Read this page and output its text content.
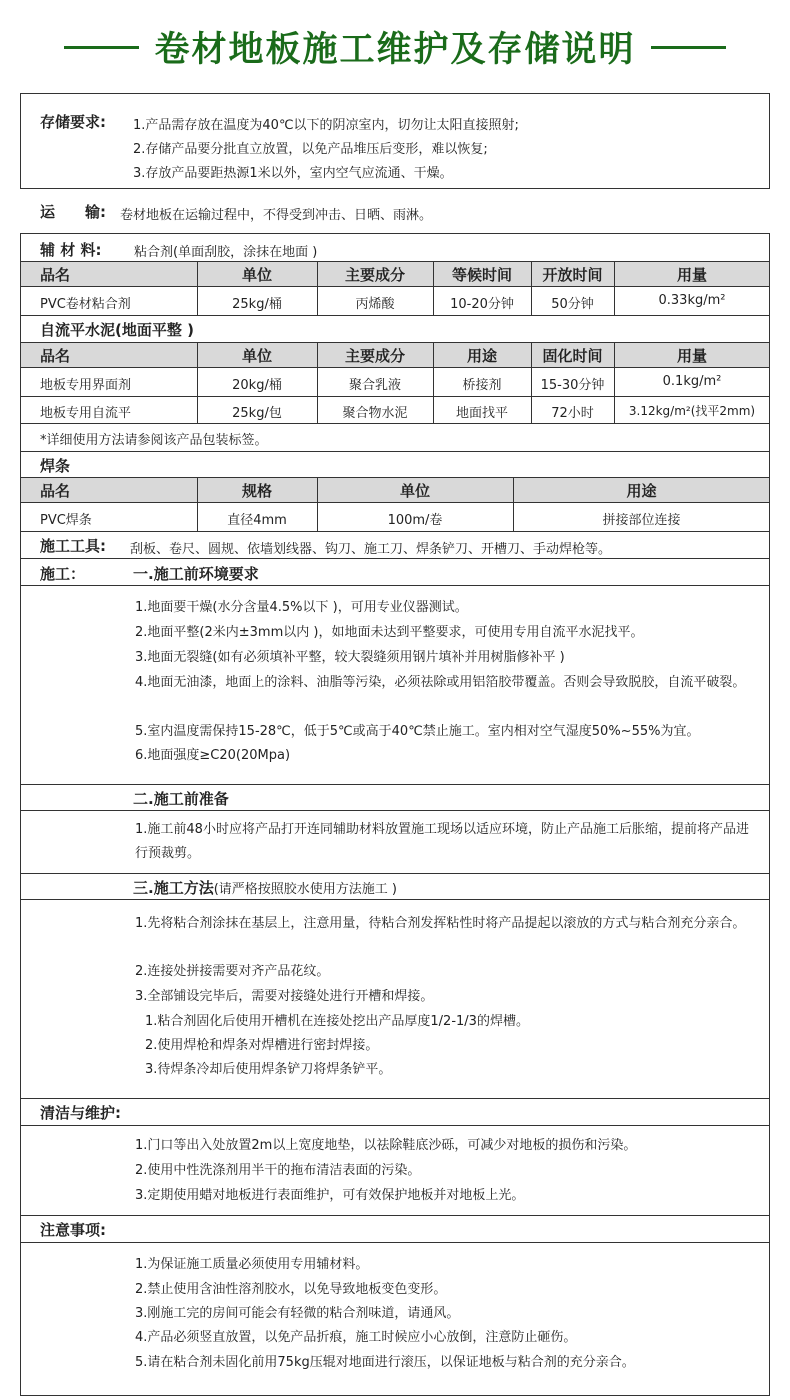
卷材地板施工维护及存储说明
存储要求: 1.产品需存放在温度为40℃以下的阴凉室内，切勿让太阳直接照射;
2.存储产品要分批直立放置，以免产品堆压后变形，难以恢复;
3.存放产品要距热源1米以外，室内空气应流通、干燥。
运　　输: 卷材地板在运输过程中，不得受到冲击、日晒、雨淋。
辅 材 料:	粘合剂(单面刮胶，涂抹在地面 )
品名	单位	主要成分	等候时间	开放时间	用量
PVC卷材粘合剂	25kg/桶	丙烯酸	10-20分钟	50分钟	0.33kg/m²
自流平水泥(地面平整 )
品名	单位	主要成分	用途	固化时间	用量
地板专用界面剂	20kg/桶	聚合乳液	桥接剂	15-30分钟	0.1kg/m²
地板专用自流平	25kg/包	聚合物水泥	地面找平	72小时	3.12kg/m²(找平2mm)
*详细使用方法请参阅该产品包装标签。
焊条
品名	规格	单位	用途
PVC焊条	直径4mm	100m/卷	拼接部位连接
施工工具: 刮板、卷尺、圆规、依墙划线器、钩刀、施工刀、焊条铲刀、开槽刀、手动焊枪等。
施工：	一.施工前环境要求
1.地面要干燥(水分含量4.5%以下 )，可用专业仪器测试。
2.地面平整(2米内±3mm以内 )，如地面未达到平整要求，可使用专用自流平水泥找平。
3.地面无裂缝(如有必须填补平整，较大裂缝须用钢片填补并用树脂修补平 )
4.地面无油漆，地面上的涂料、油脂等污染，必须祛除或用铝箔胶带覆盖。否则会导致脱胶，自流平破裂。
5.室内温度需保持15-28℃，低于5℃或高于40℃禁止施工。室内相对空气湿度50%~55%为宜。
6.地面强度≥C20(20Mpa)
二.施工前准备
1.施工前48小时应将产品打开连同辅助材料放置施工现场以适应环境，防止产品施工后胀缩，提前将产品进行预裁剪。
三.施工方法(请严格按照胶水使用方法施工 )
1.先将粘合剂涂抹在基层上，注意用量，待粘合剂发挥粘性时将产品提起以滚放的方式与粘合剂充分亲合。
2.连接处拼接需要对齐产品花纹。
3.全部铺设完毕后，需要对接缝处进行开槽和焊接。
1.粘合剂固化后使用开槽机在连接处挖出产品厚度1/2-1/3的焊槽。
2.使用焊枪和焊条对焊槽进行密封焊接。
3.待焊条冷却后使用焊条铲刀将焊条铲平。
清洁与维护:
1.门口等出入处放置2m以上宽度地垫，以祛除鞋底沙砾，可减少对地板的损伤和污染。
2.使用中性洗涤剂用半干的拖布清洁表面的污染。
3.定期使用蜡对地板进行表面维护，可有效保护地板并对地板上光。
注意事项:
1.为保证施工质量必须使用专用辅材料。
2.禁止使用含油性溶剂胶水，以免导致地板变色变形。
3.刚施工完的房间可能会有轻微的粘合剂味道，请通风。
4.产品必须竖直放置，以免产品折痕，施工时候应小心放倒，注意防止砸伤。
5.请在粘合剂未固化前用75kg压辊对地面进行滚压，以保证地板与粘合剂的充分亲合。
